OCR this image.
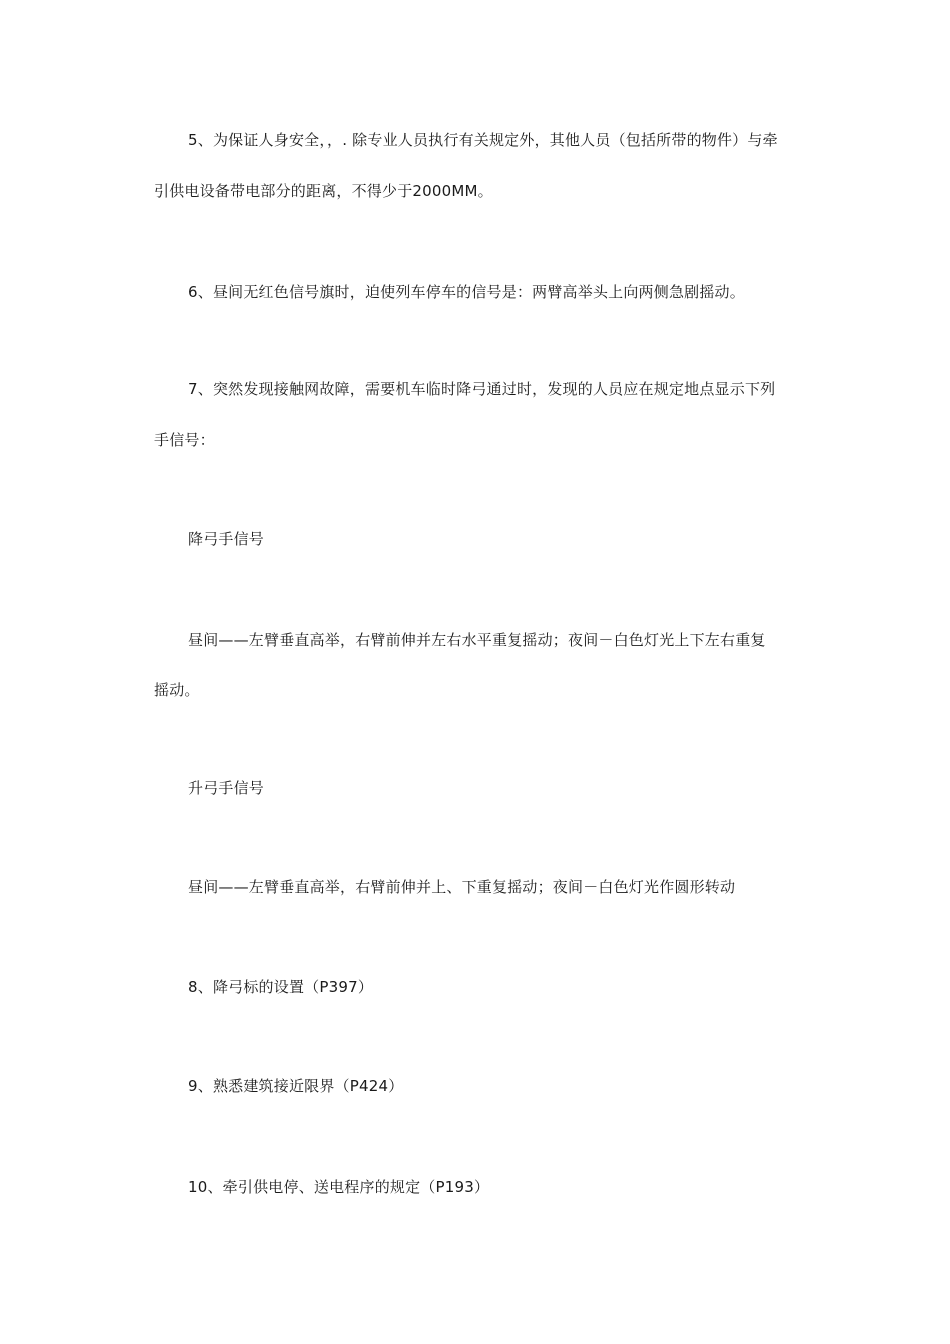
5、为保证人身安全，，. 除专业人员执行有关规定外，其他人员（包括所带的物件）与牵
引供电设备带电部分的距离，不得少于2000MM。
6、昼间无红色信号旗时，迫使列车停车的信号是：两臂高举头上向两侧急剧摇动。
7、突然发现接触网故障，需要机车临时降弓通过时，发现的人员应在规定地点显示下列
手信号：
降弓手信号
昼间——左臂垂直高举，右臂前伸并左右水平重复摇动；夜间－白色灯光上下左右重复
摇动。
升弓手信号
昼间——左臂垂直高举，右臂前伸并上、下重复摇动；夜间－白色灯光作圆形转动
8、降弓标的设置（P397）
9、熟悉建筑接近限界（P424）
10、牵引供电停、送电程序的规定（P193）
